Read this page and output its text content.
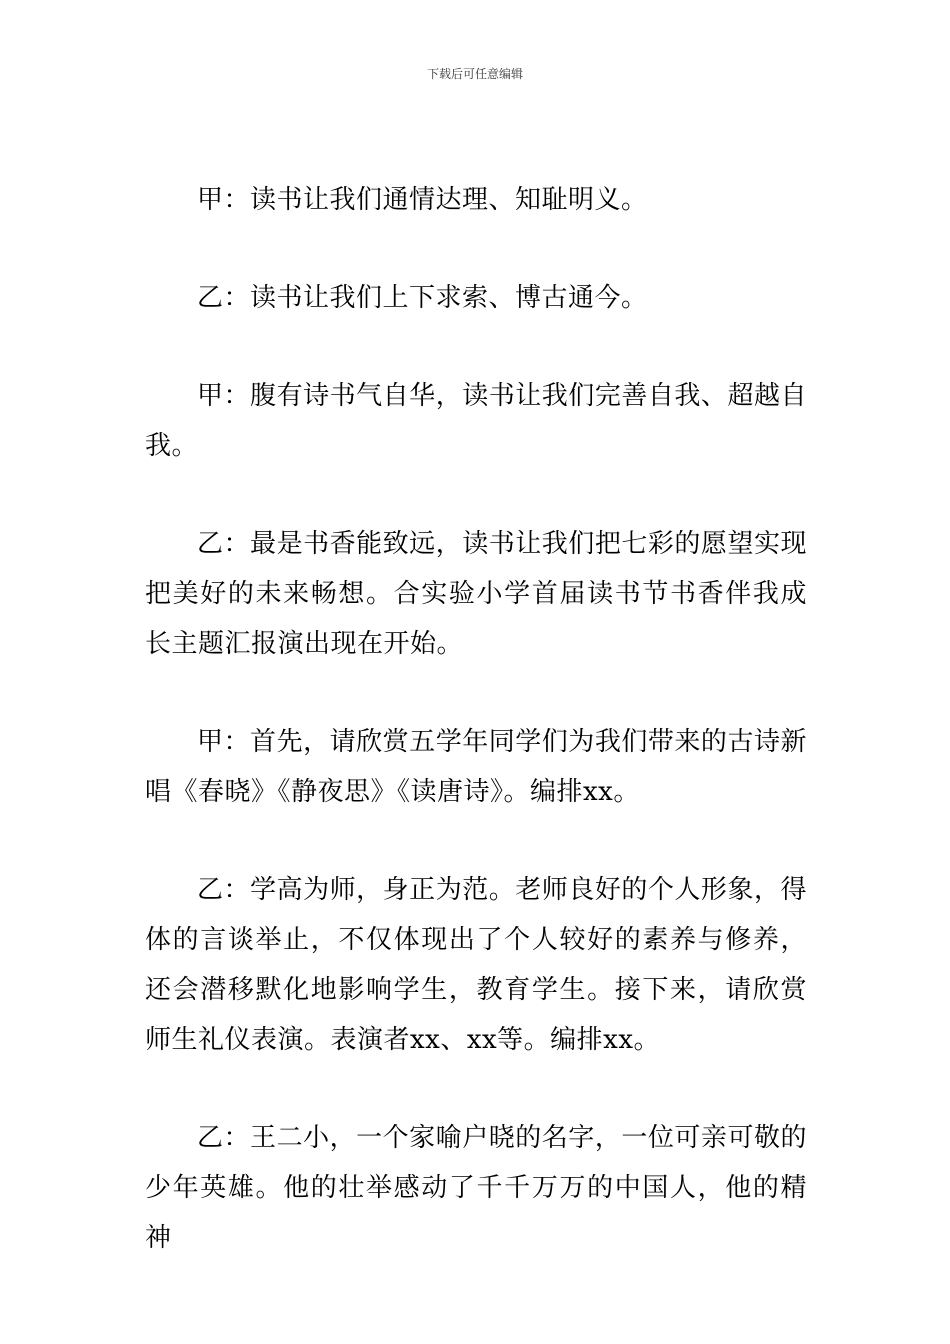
下载后可任意编辑

甲：读书让我们通情达理、知耻明义。

乙：读书让我们上下求索、博古通今。

甲：腹有诗书气自华，读书让我们完善自我、超越自我。

乙：最是书香能致远，读书让我们把七彩的愿望实现把美好的未来畅想。合实验小学首届读书节书香伴我成长主题汇报演出现在开始。

甲：首先，请欣赏五学年同学们为我们带来的古诗新唱《春晓》《静夜思》《读唐诗》。编排xx。

乙：学高为师，身正为范。老师良好的个人形象，得体的言谈举止，不仅体现出了个人较好的素养与修养，还会潜移默化地影响学生，教育学生。接下来，请欣赏师生礼仪表演。表演者xx、xx等。编排xx。

乙：王二小，一个家喻户晓的名字，一位可亲可敬的少年英雄。他的壮举感动了千千万万的中国人，他的精神
